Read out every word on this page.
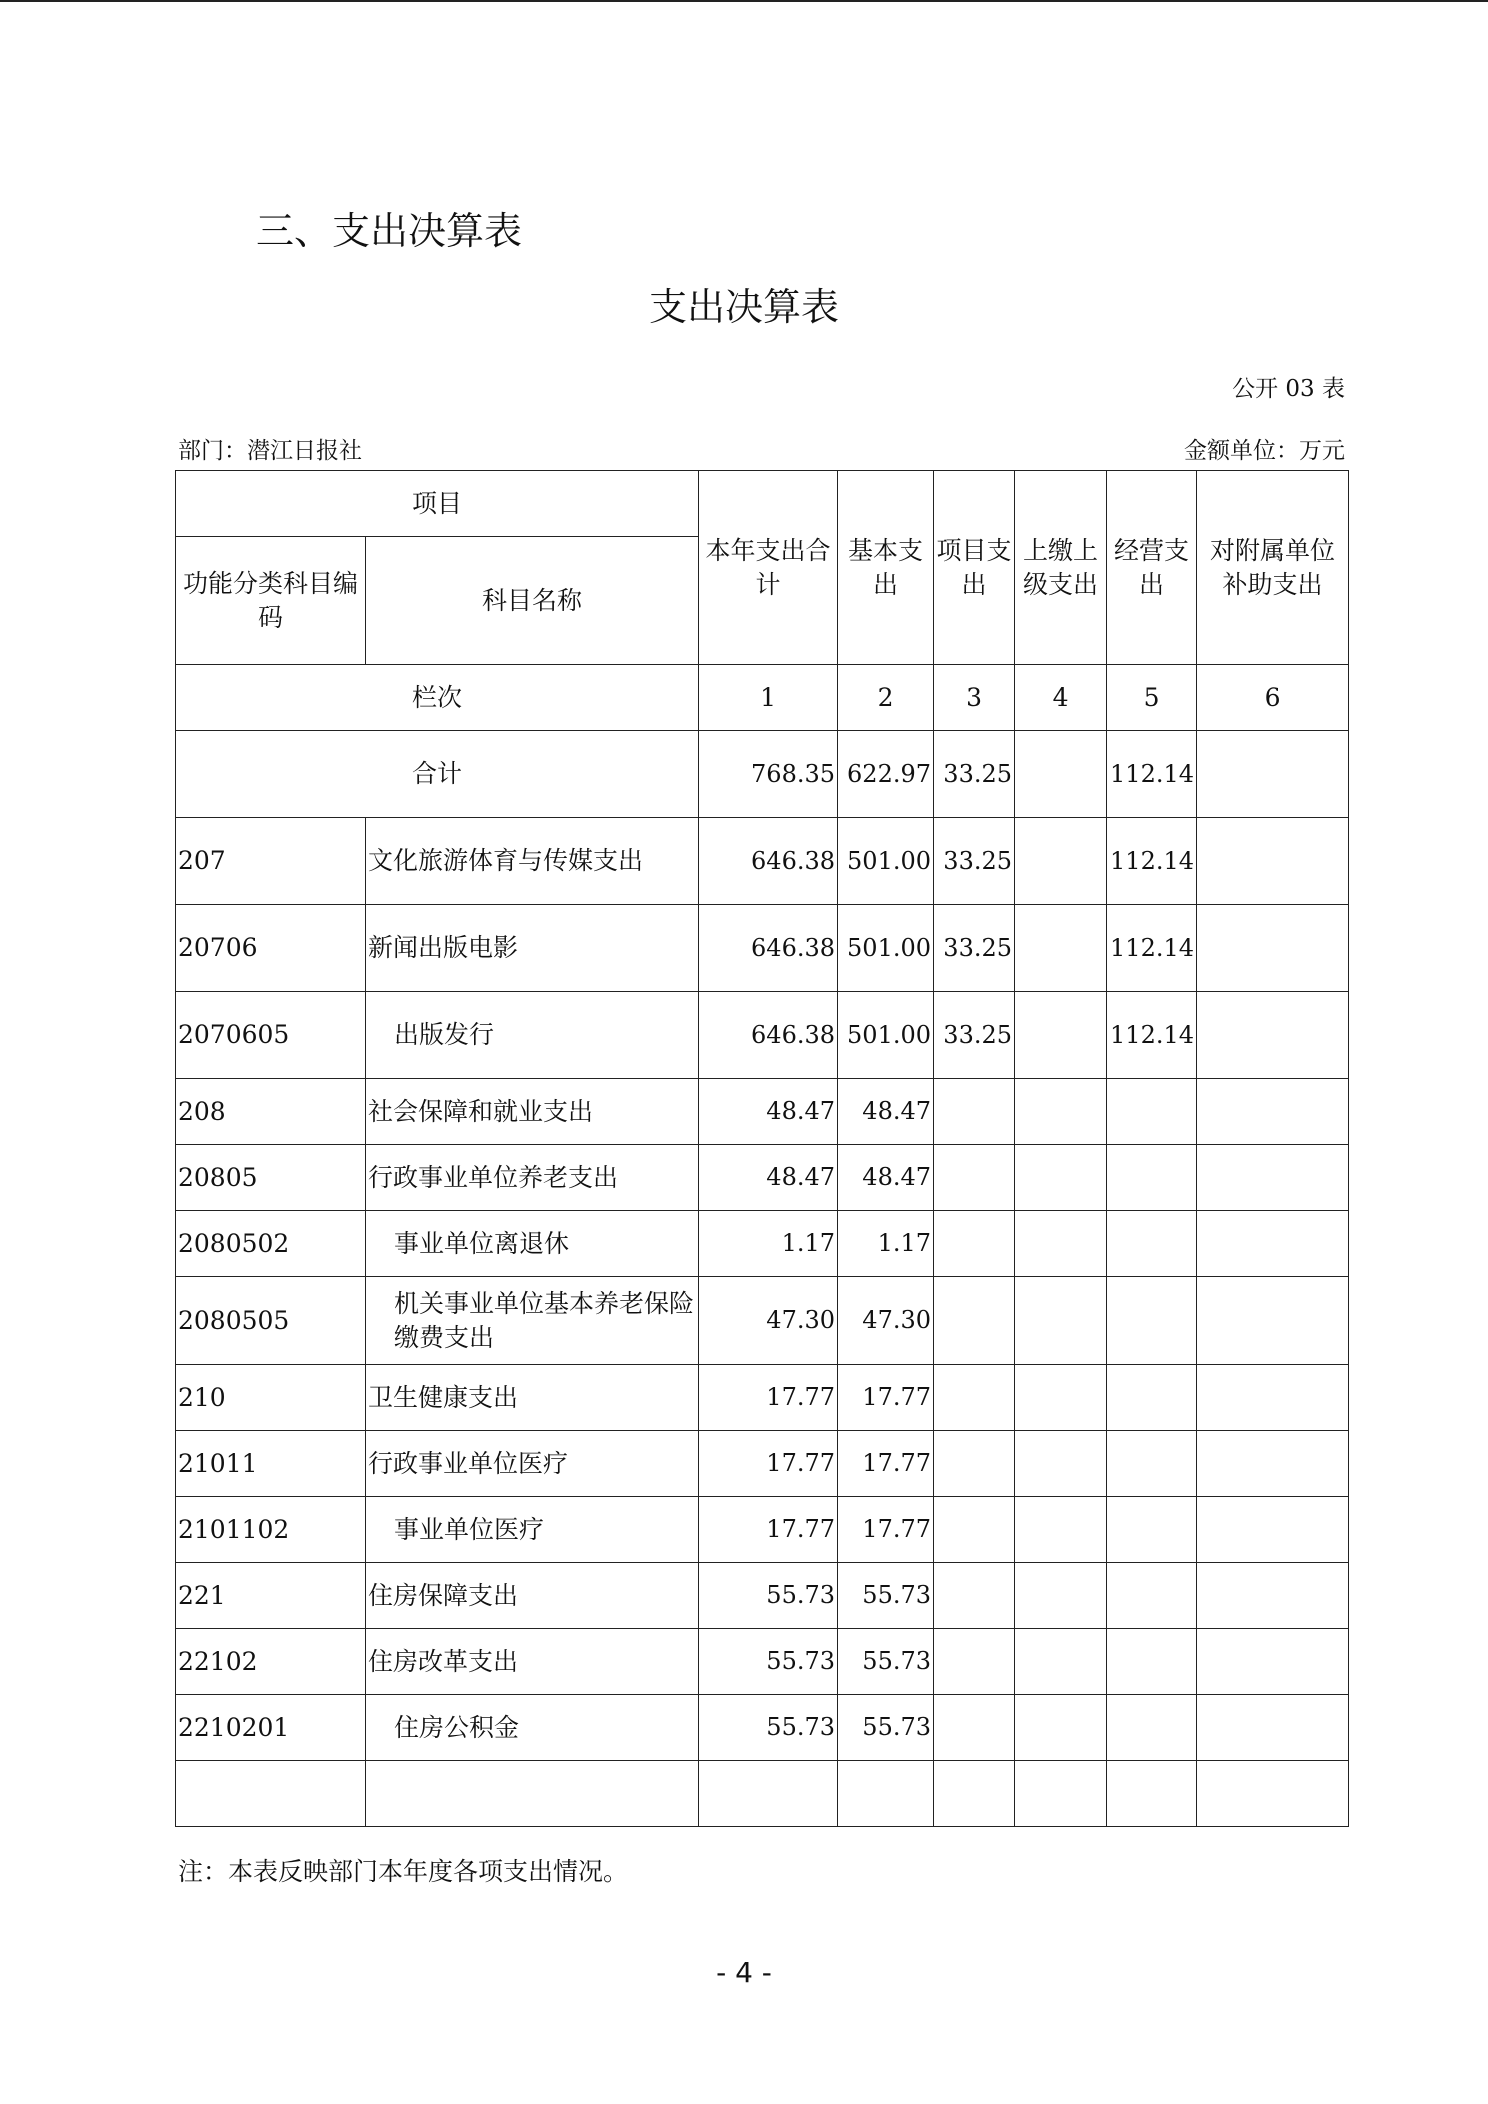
三、支出决算表
支出决算表
公开 03 表
部门：潜江日报社	金额单位：万元
项目		本年支出合计	基本支出	项目支出	上缴上级支出	经营支出	对附属单位补助支出
功能分类科目编码	科目名称						
栏次		1	2	3	4	5	6
合计		768.35	622.97	33.25		112.14	
207	文化旅游体育与传媒支出	646.38	501.00	33.25		112.14	
20706	新闻出版电影	646.38	501.00	33.25		112.14	
2070605	出版发行	646.38	501.00	33.25		112.14	
208	社会保障和就业支出	48.47	48.47				
20805	行政事业单位养老支出	48.47	48.47				
2080502	事业单位离退休	1.17	1.17				
2080505	机关事业单位基本养老保险缴费支出	47.30	47.30				
210	卫生健康支出	17.77	17.77				
21011	行政事业单位医疗	17.77	17.77				
2101102	事业单位医疗	17.77	17.77				
221	住房保障支出	55.73	55.73				
22102	住房改革支出	55.73	55.73				
2210201	住房公积金	55.73	55.73				

注：本表反映部门本年度各项支出情况。
- 4 -
